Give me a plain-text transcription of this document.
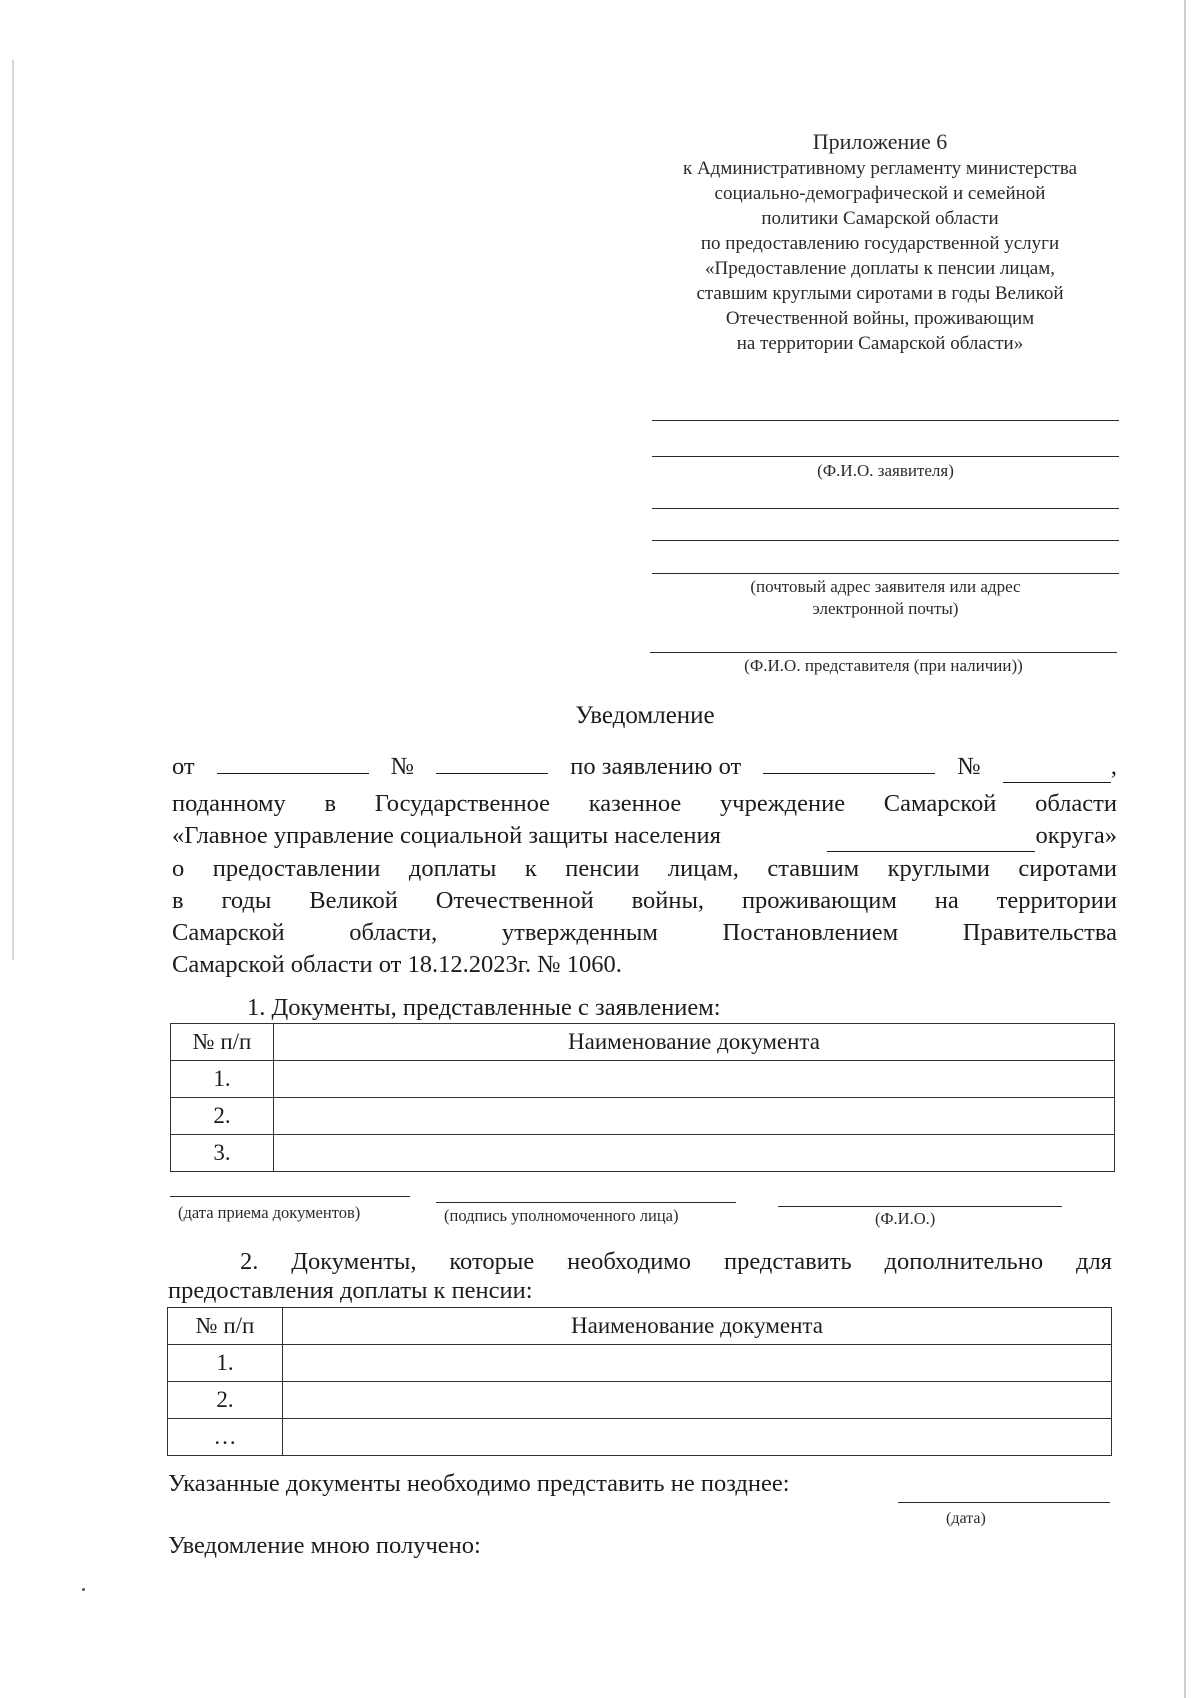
Приложение 6
к Административному регламенту министерства
социально-демографической и семейной
политики Самарской области
по предоставлению государственной услуги
«Предоставление доплаты к пенсии лицам,
ставшим круглыми сиротами в годы Великой
Отечественной войны, проживающим
на территории Самарской области»
(Ф.И.О. заявителя)
(почтовый адрес заявителя или адрес
электронной почты)
(Ф.И.О. представителя (при наличии))
Уведомление
от	№	по заявлению от	№	,
поданному в Государственное казенное учреждение Самарской области
«Главное управление социальной защиты населения	округа»
о предоставлении доплаты к пенсии лицам, ставшим круглыми сиротами
в годы Великой Отечественной войны, проживающим на территории
Самарской	области,	утвержденным	Постановлением	Правительства
Самарской области от 18.12.2023г. № 1060.
1. Документы, представленные с заявлением:
№ п/п	Наименование документа
1.	
2.	
3.	
(дата приема документов)	(подпись уполномоченного лица)	(Ф.И.О.)
2. Документы, которые необходимо представить дополнительно для
предоставления доплаты к пенсии:
№ п/п	Наименование документа
1.	
2.	
…	
Указанные документы необходимо представить не позднее:
(дата)
Уведомление мною получено:
